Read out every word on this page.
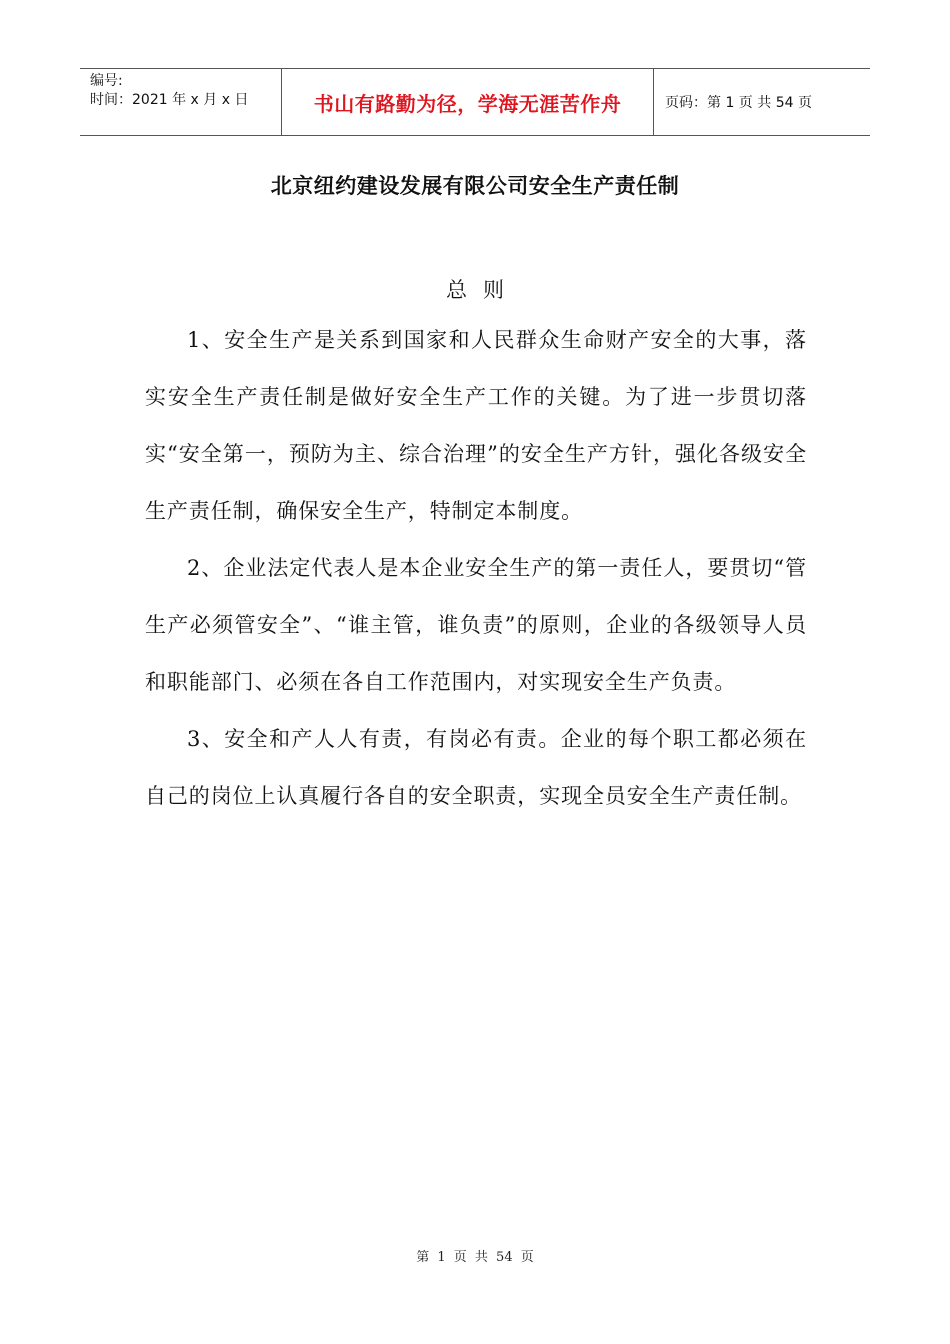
编号:
时间：2021 年 x 月 x 日	书山有路勤为径，学海无涯苦作舟	页码：第 1 页 共 54 页
北京纽约建设发展有限公司安全生产责任制
总则

1、安全生产是关系到国家和人民群众生命财产安全的大事，落实安全生产责任制是做好安全生产工作的关键。为了进一步贯切落实“安全第一，预防为主、综合治理”的安全生产方针，强化各级安全生产责任制，确保安全生产，特制定本制度。

2、企业法定代表人是本企业安全生产的第一责任人，要贯切“管生产必须管安全”、“谁主管，谁负责”的原则，企业的各级领导人员和职能部门、必须在各自工作范围内，对实现安全生产负责。

3、安全和产人人有责，有岗必有责。企业的每个职工都必须在自己的岗位上认真履行各自的安全职责，实现全员安全生产责任制。

第 1 页 共 54 页
